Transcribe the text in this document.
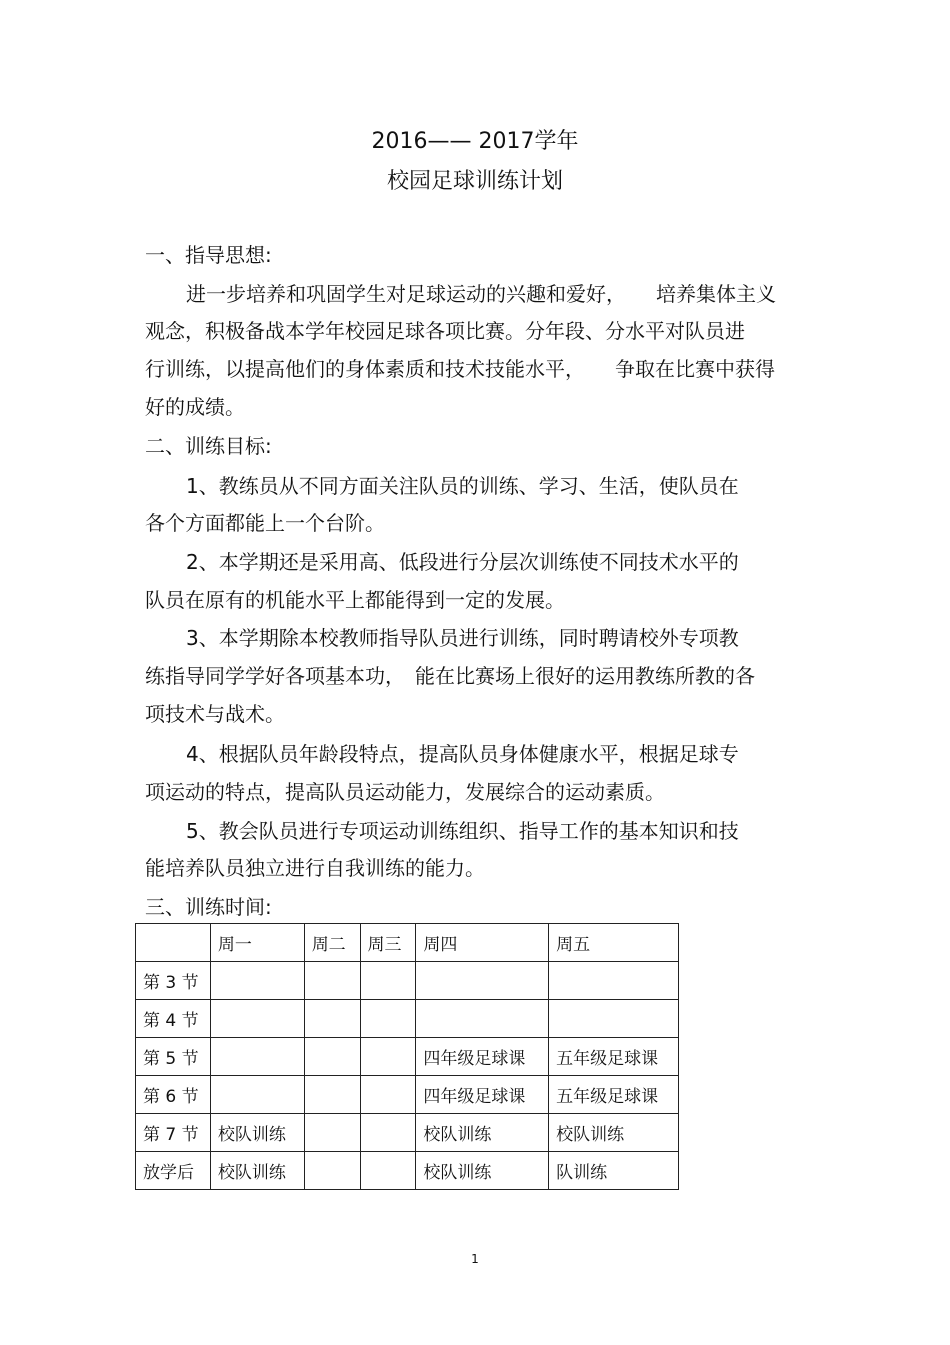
2016—— 2017学年
校园足球训练计划
一、指导思想:
进一步培养和巩固学生对足球运动的兴趣和爱好，　　培养集体主义
观念，积极备战本学年校园足球各项比赛。分年段、分水平对队员进
行训练，以提高他们的身体素质和技术技能水平，　　争取在比赛中获得
好的成绩。
二、训练目标:
1、教练员从不同方面关注队员的训练、学习、生活，使队员在
各个方面都能上一个台阶。
2、本学期还是采用高、低段进行分层次训练使不同技术水平的
队员在原有的机能水平上都能得到一定的发展。
3、本学期除本校教师指导队员进行训练，同时聘请校外专项教
练指导同学学好各项基本功，　能在比赛场上很好的运用教练所教的各
项技术与战术。
4、根据队员年龄段特点，提高队员身体健康水平，根据足球专
项运动的特点，提高队员运动能力，发展综合的运动素质。
5、教会队员进行专项运动训练组织、指导工作的基本知识和技
能培养队员独立进行自我训练的能力。
三、训练时间:
	周一	周二	周三	周四	周五
第 3 节					
第 4 节					
第 5 节				四年级足球课	五年级足球课
第 6 节				四年级足球课	五年级足球课
第 7 节	校队训练			校队训练	校队训练
放学后	校队训练			校队训练	队训练
1
